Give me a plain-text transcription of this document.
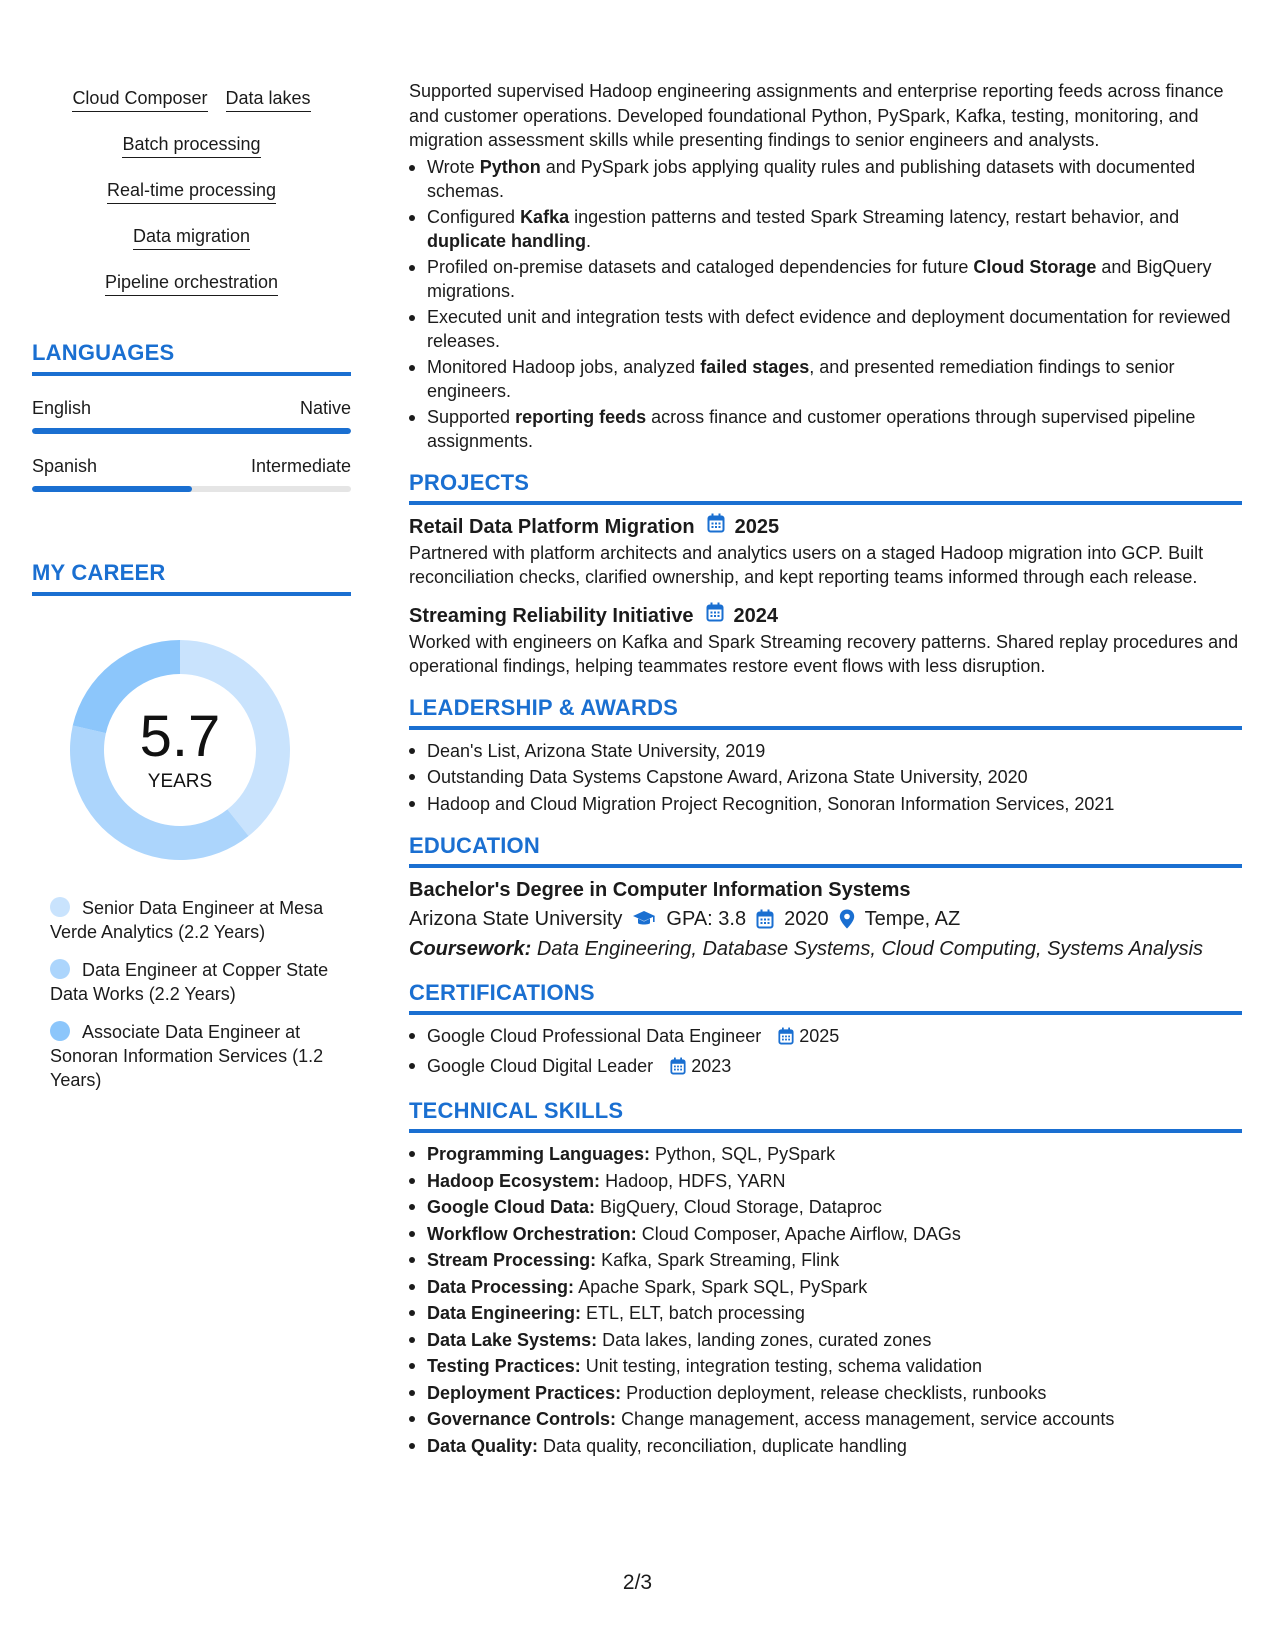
Cloud Composer Data lakes
Batch processing
Real-time processing
Data migration
Pipeline orchestration
LANGUAGES
English	Native
Spanish	Intermediate
MY CAREER
5.7
YEARS
Senior Data Engineer at Mesa Verde Analytics (2.2 Years)
Data Engineer at Copper State Data Works (2.2 Years)
Associate Data Engineer at Sonoran Information Services (1.2 Years)
Supported supervised Hadoop engineering assignments and enterprise reporting feeds across finance and customer operations. Developed foundational Python, PySpark, Kafka, testing, monitoring, and migration assessment skills while presenting findings to senior engineers and analysts.
Wrote Python and PySpark jobs applying quality rules and publishing datasets with documented schemas.
Configured Kafka ingestion patterns and tested Spark Streaming latency, restart behavior, and duplicate handling.
Profiled on-premise datasets and cataloged dependencies for future Cloud Storage and BigQuery migrations.
Executed unit and integration tests with defect evidence and deployment documentation for reviewed releases.
Monitored Hadoop jobs, analyzed failed stages, and presented remediation findings to senior engineers.
Supported reporting feeds across finance and customer operations through supervised pipeline assignments.
PROJECTS
Retail Data Platform Migration 2025
Partnered with platform architects and analytics users on a staged Hadoop migration into GCP. Built reconciliation checks, clarified ownership, and kept reporting teams informed through each release.
Streaming Reliability Initiative 2024
Worked with engineers on Kafka and Spark Streaming recovery patterns. Shared replay procedures and operational findings, helping teammates restore event flows with less disruption.
LEADERSHIP & AWARDS
Dean's List, Arizona State University, 2019
Outstanding Data Systems Capstone Award, Arizona State University, 2020
Hadoop and Cloud Migration Project Recognition, Sonoran Information Services, 2021
EDUCATION
Bachelor's Degree in Computer Information Systems
Arizona State University GPA: 3.8 2020 Tempe, AZ
Coursework: Data Engineering, Database Systems, Cloud Computing, Systems Analysis
CERTIFICATIONS
Google Cloud Professional Data Engineer 2025
Google Cloud Digital Leader 2023
TECHNICAL SKILLS
Programming Languages: Python, SQL, PySpark
Hadoop Ecosystem: Hadoop, HDFS, YARN
Google Cloud Data: BigQuery, Cloud Storage, Dataproc
Workflow Orchestration: Cloud Composer, Apache Airflow, DAGs
Stream Processing: Kafka, Spark Streaming, Flink
Data Processing: Apache Spark, Spark SQL, PySpark
Data Engineering: ETL, ELT, batch processing
Data Lake Systems: Data lakes, landing zones, curated zones
Testing Practices: Unit testing, integration testing, schema validation
Deployment Practices: Production deployment, release checklists, runbooks
Governance Controls: Change management, access management, service accounts
Data Quality: Data quality, reconciliation, duplicate handling
2/3
